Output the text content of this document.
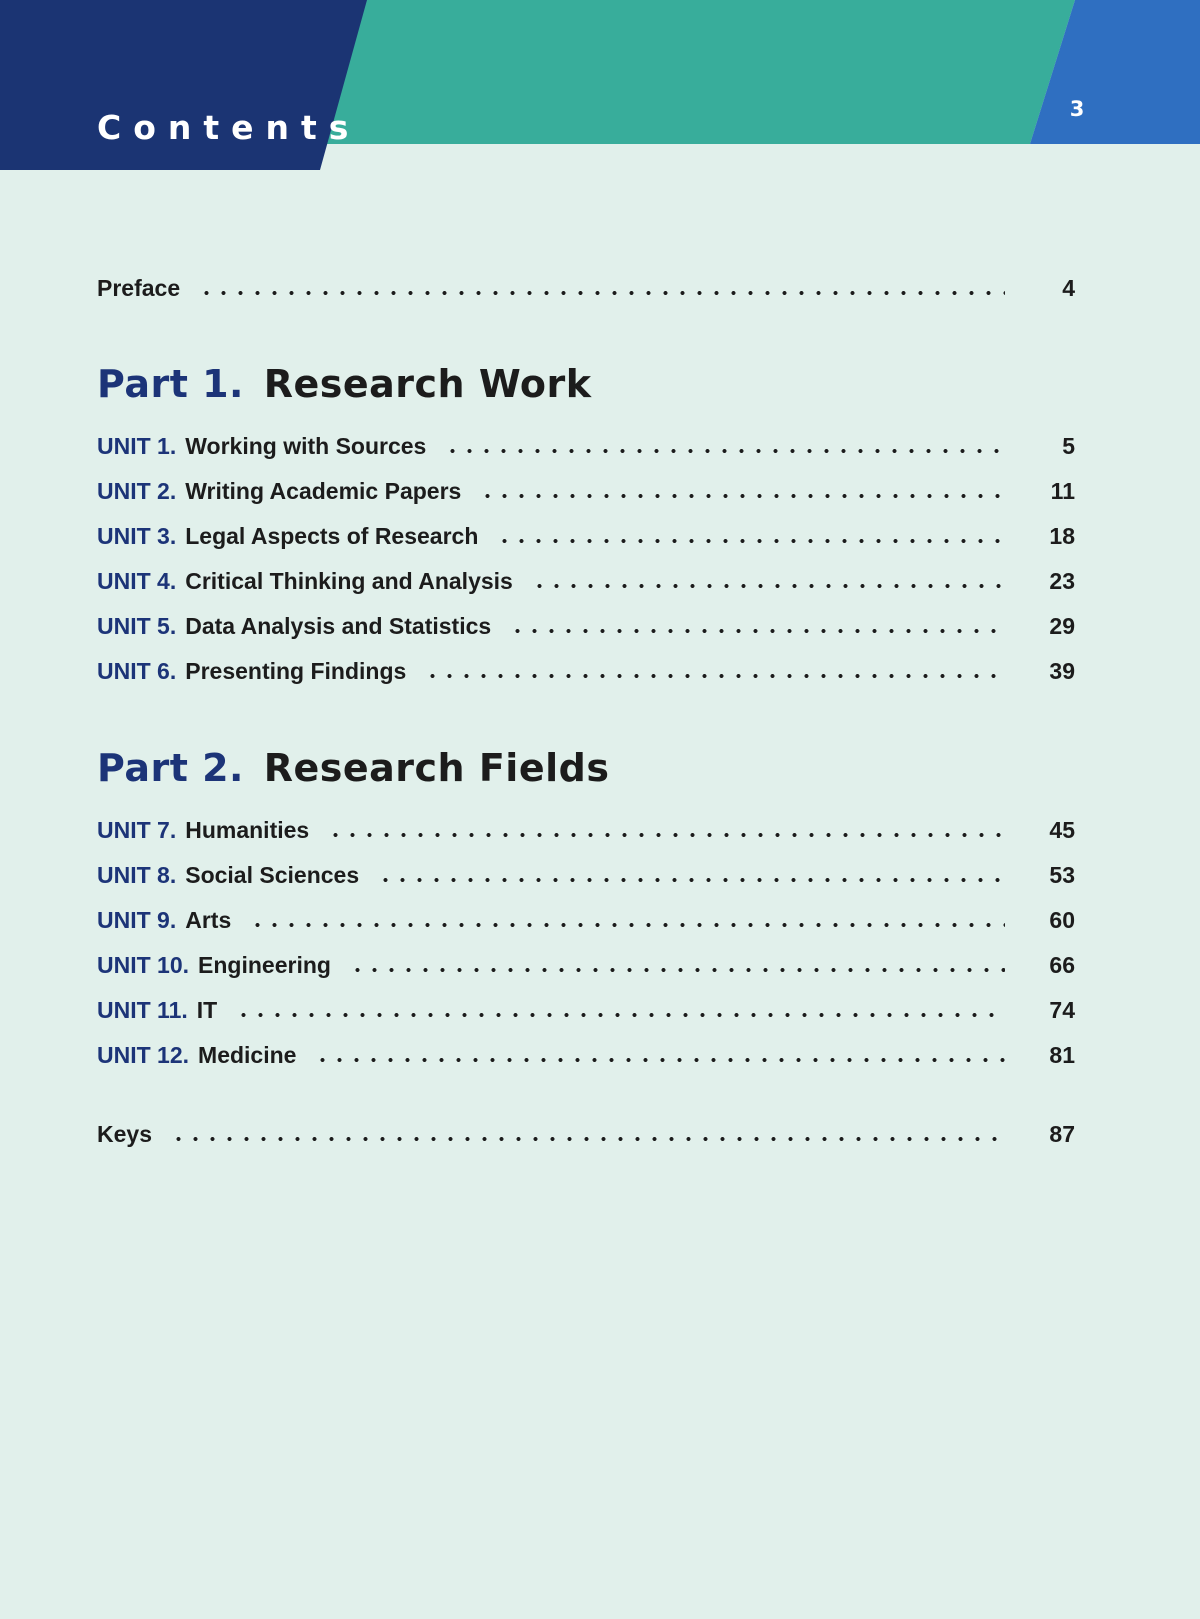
Contents	3
Preface	4
Part 1. Research Work
UNIT 1. Working with Sources	5
UNIT 2. Writing Academic Papers	11
UNIT 3. Legal Aspects of Research	18
UNIT 4. Critical Thinking and Analysis	23
UNIT 5. Data Analysis and Statistics	29
UNIT 6. Presenting Findings	39
Part 2. Research Fields
UNIT 7. Humanities	45
UNIT 8. Social Sciences	53
UNIT 9. Arts	60
UNIT 10. Engineering	66
UNIT 11. IT	74
UNIT 12. Medicine	81
Keys	87
